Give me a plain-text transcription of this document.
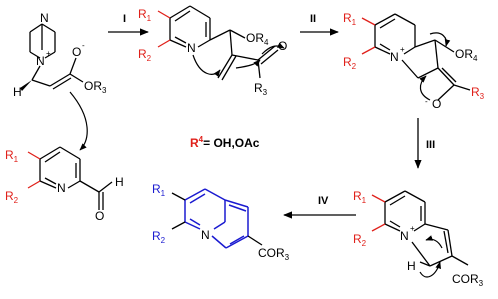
N
+
N
H
O -
$OR_3$
N
O
H
$R_1$
$R_2$
I
N	O
$OR_4$
$R_3$
$R_1$
$R_2$
II
N
+	$OR_4$
O
-
$R_3$
$R_1$
$R_2$
III
$R^4= OH,OAc$
N
+
H
$COR_3$
$R_1$
$R_2$
IV
N
$COR_3$
$R_1$
$R_2$
